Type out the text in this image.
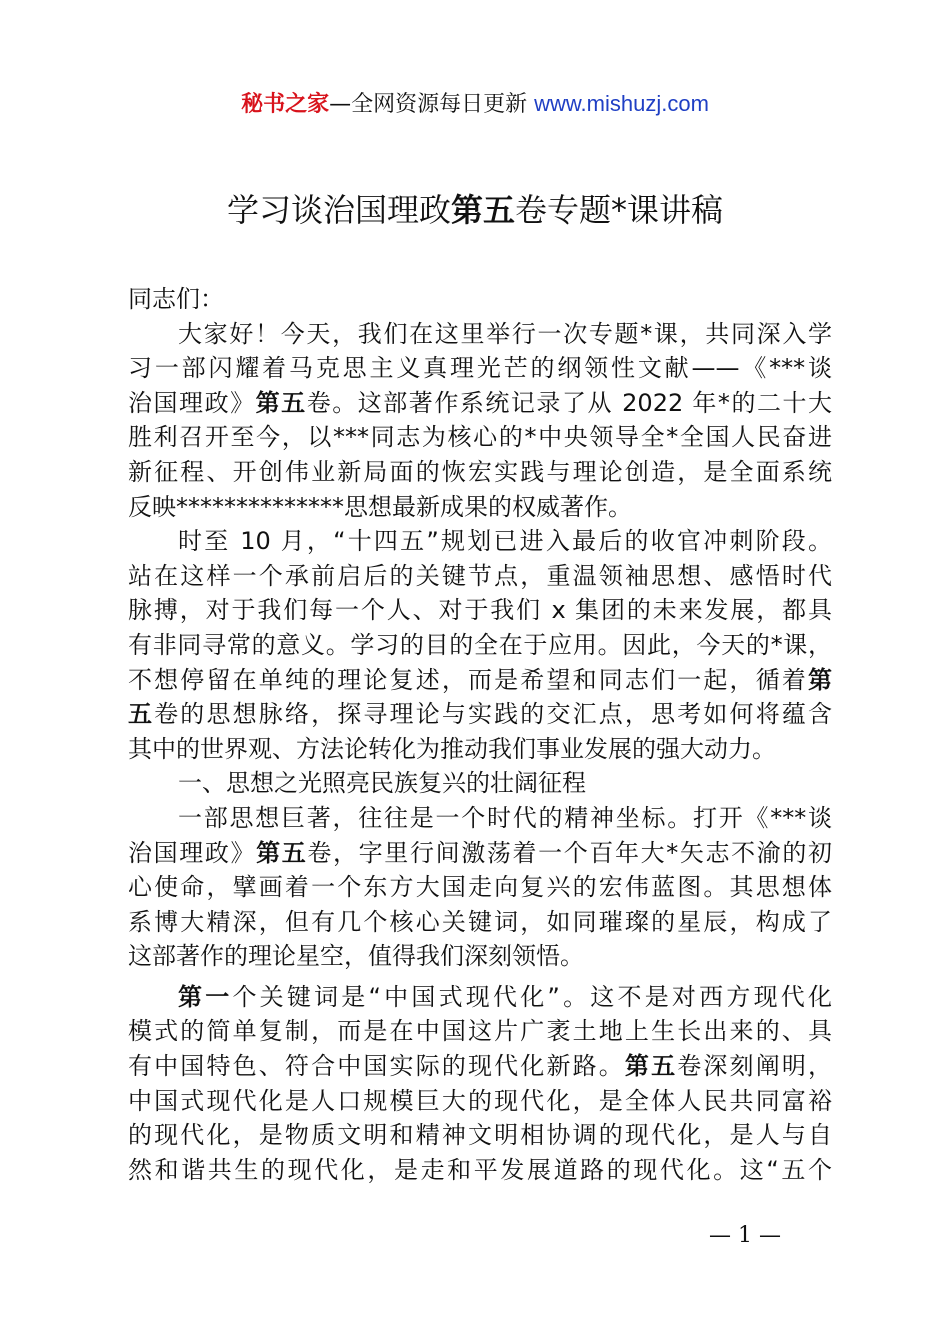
秘书之家—全网资源每日更新 www.mishuzj.com
学习谈治国理政第五卷专题*课讲稿
同志们：
大家好！今天，我们在这里举行一次专题*课，共同深入学
习一部闪耀着马克思主义真理光芒的纲领性文献——《***谈
治国理政》第五卷。这部著作系统记录了从 2022 年*的二十大
胜利召开至今，以***同志为核心的*中央领导全*全国人民奋进
新征程、开创伟业新局面的恢宏实践与理论创造，是全面系统
反映**************思想最新成果的权威著作。
时至 10 月，“十四五”规划已进入最后的收官冲刺阶段。
站在这样一个承前启后的关键节点，重温领袖思想、感悟时代
脉搏，对于我们每一个人、对于我们 x 集团的未来发展，都具
有非同寻常的意义。学习的目的全在于应用。因此，今天的*课，
不想停留在单纯的理论复述，而是希望和同志们一起，循着第
五卷的思想脉络，探寻理论与实践的交汇点，思考如何将蕴含
其中的世界观、方法论转化为推动我们事业发展的强大动力。
一、思想之光照亮民族复兴的壮阔征程
一部思想巨著，往往是一个时代的精神坐标。打开《***谈
治国理政》第五卷，字里行间激荡着一个百年大*矢志不渝的初
心使命，擘画着一个东方大国走向复兴的宏伟蓝图。其思想体
系博大精深，但有几个核心关键词，如同璀璨的星辰，构成了
这部著作的理论星空，值得我们深刻领悟。
第一个关键词是“中国式现代化”。这不是对西方现代化
模式的简单复制，而是在中国这片广袤土地上生长出来的、具
有中国特色、符合中国实际的现代化新路。第五卷深刻阐明，
中国式现代化是人口规模巨大的现代化，是全体人民共同富裕
的现代化，是物质文明和精神文明相协调的现代化，是人与自
然和谐共生的现代化，是走和平发展道路的现代化。这“五个
— 1 —
